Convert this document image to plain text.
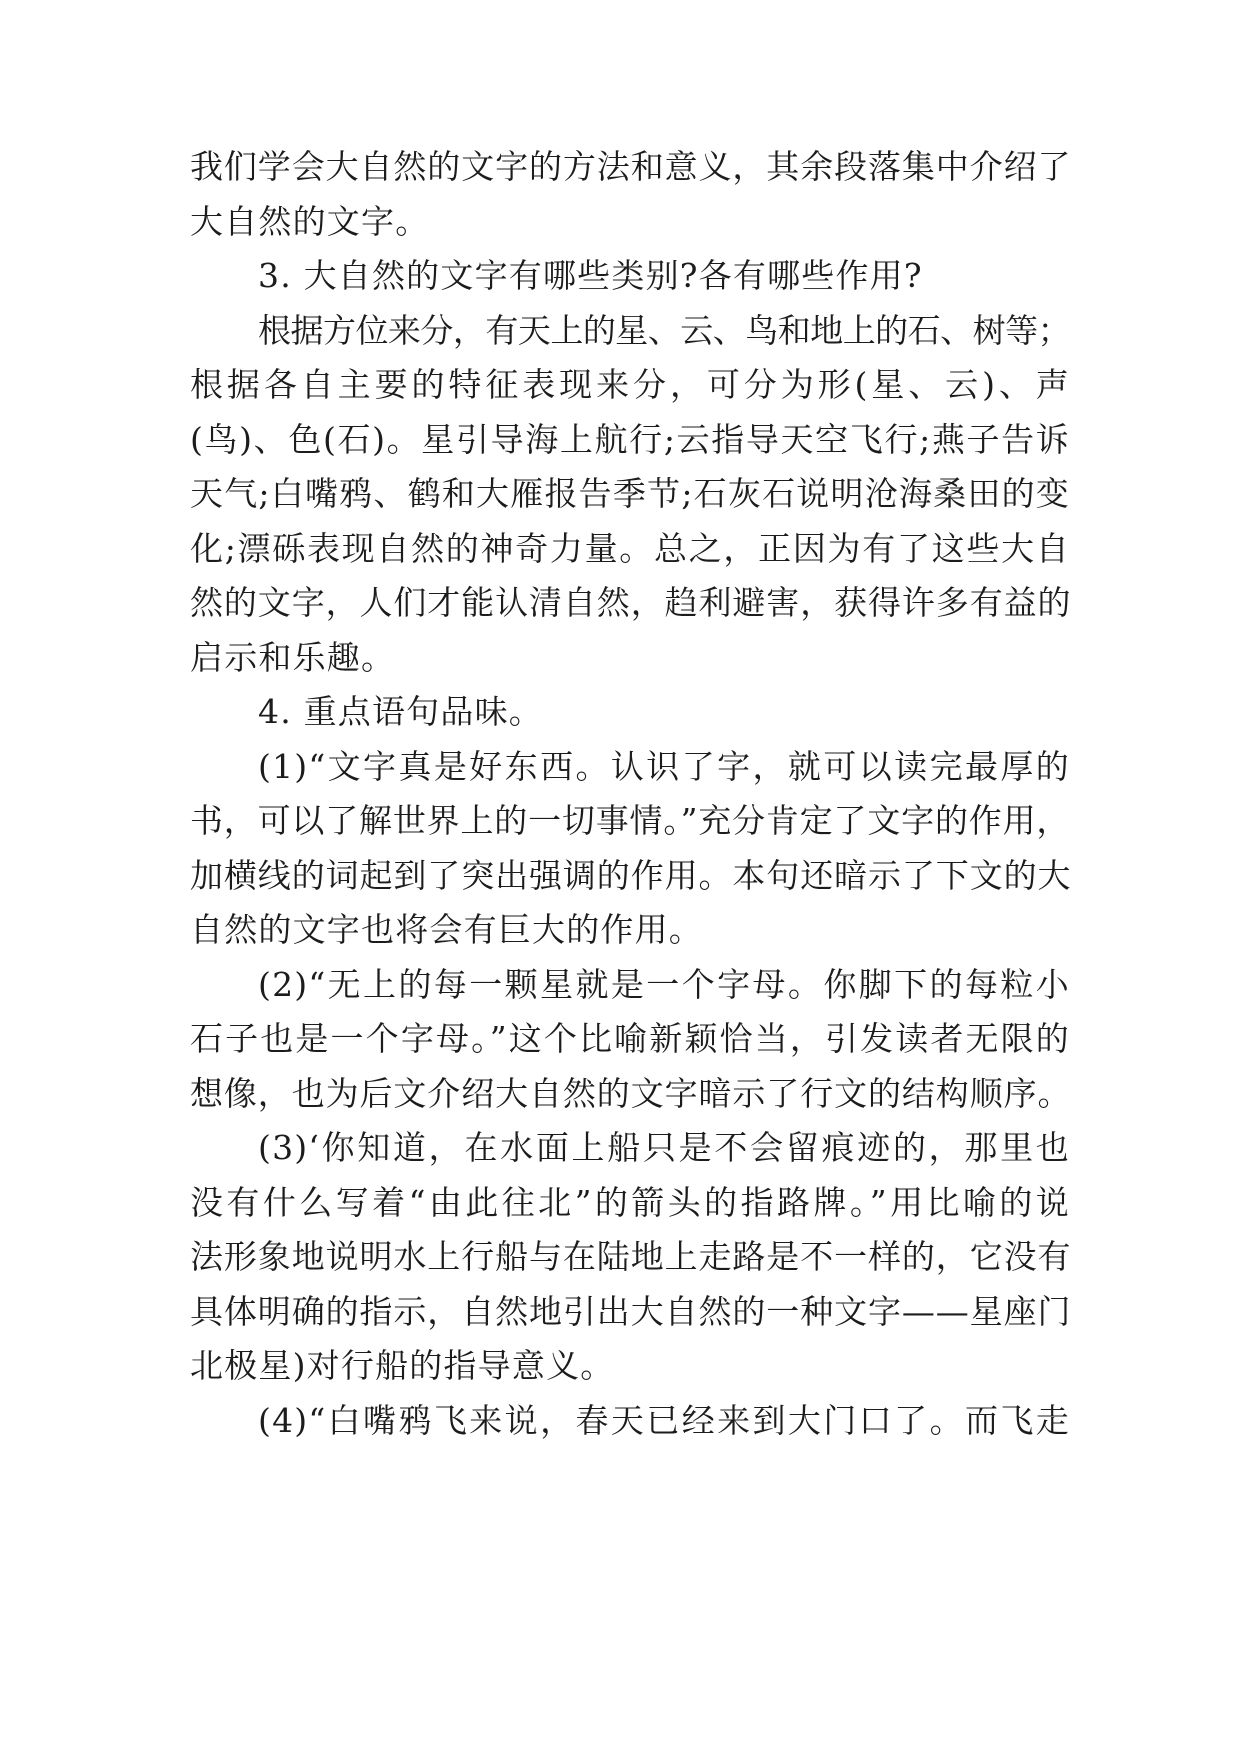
我们学会大自然的文字的方法和意义，其余段落集中介绍了

大自然的文字。

3. 大自然的文字有哪些类别?各有哪些作用?

根据方位来分，有天上的星、云、鸟和地上的石、树等；

根据各自主要的特征表现来分，可分为形(星、云)、声

(鸟)、色(石)。星引导海上航行;云指导天空飞行;燕子告诉

天气;白嘴鸦、鹤和大雁报告季节;石灰石说明沧海桑田的变

化;漂砾表现自然的神奇力量。总之，正因为有了这些大自

然的文字，人们才能认清自然，趋利避害，获得许多有益的

启示和乐趣。

4. 重点语句品味。

(1)“文字真是好东西。认识了字，就可以读完最厚的

书，可以了解世界上的一切事情。”充分肯定了文字的作用，

加横线的词起到了突出强调的作用。本句还暗示了下文的大

自然的文字也将会有巨大的作用。

(2)“无上的每一颗星就是一个字母。你脚下的每粒小

石子也是一个字母。”这个比喻新颖恰当，引发读者无限的

想像，也为后文介绍大自然的文字暗示了行文的结构顺序。

(3)‘你知道，在水面上船只是不会留痕迹的，那里也

没有什么写着“由此往北”的箭头的指路牌。”用比喻的说

法形象地说明水上行船与在陆地上走路是不一样的，它没有

具体明确的指示，自然地引出大自然的一种文字——星座门

北极星)对行船的指导意义。

(4)“白嘴鸦飞来说，春天已经来到大门口了。而飞走
